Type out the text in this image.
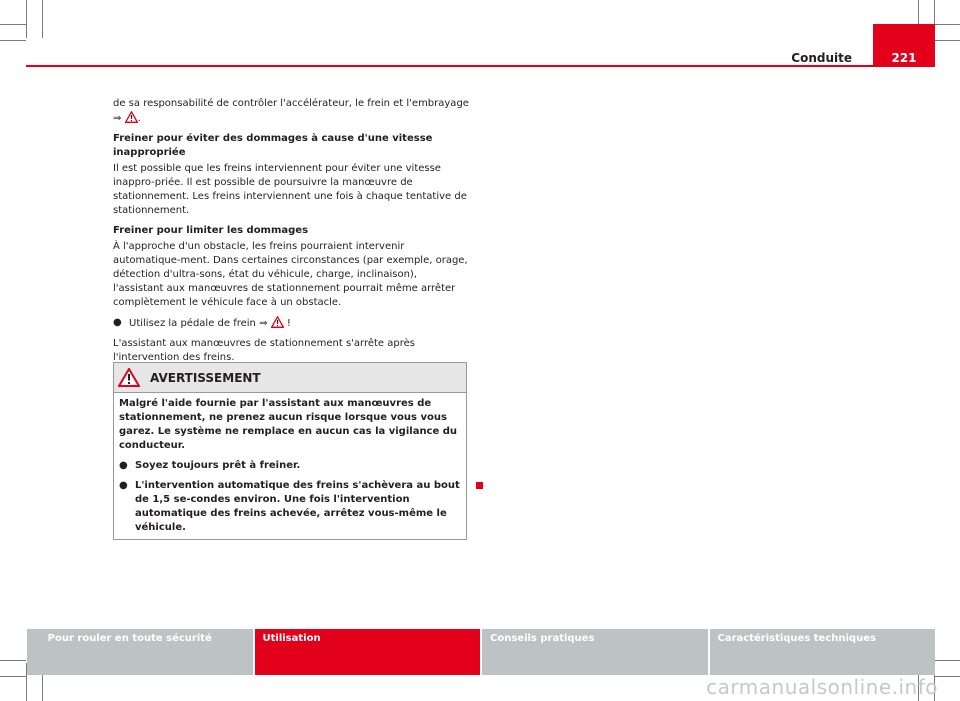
Conduite	221

de sa responsabilité de contrôler l'accélérateur, le frein et l'embrayage
⇒ .

Freiner pour éviter des dommages à cause d'une vitesse inappropriée

Il est possible que les freins interviennent pour éviter une vitesse inappro-priée. Il est possible de poursuivre la manœuvre de stationnement. Les freins interviennent une fois à chaque tentative de stationnement.

Freiner pour limiter les dommages

À l'approche d'un obstacle, les freins pourraient intervenir automatique-ment. Dans certaines circonstances (par exemple, orage, détection d'ultra-sons, état du véhicule, charge, inclinaison), l'assistant aux manœuvres de stationnement pourrait même arrêter complètement le véhicule face à un obstacle.

● Utilisez la pédale de frein ⇒ !

L'assistant aux manœuvres de stationnement s'arrête après l'intervention des freins.

AVERTISSEMENT

Malgré l'aide fournie par l'assistant aux manœuvres de stationnement, ne prenez aucun risque lorsque vous vous garez. Le système ne remplace en aucun cas la vigilance du conducteur.

● Soyez toujours prêt à freiner.
● L'intervention automatique des freins s'achèvera au bout de 1,5 se-condes environ. Une fois l'intervention automatique des freins achevée, arrêtez vous-même le véhicule.
Pour rouler en toute sécurité	Utilisation	Conseils pratiques	Caractéristiques techniques
carmanualsonline.info
